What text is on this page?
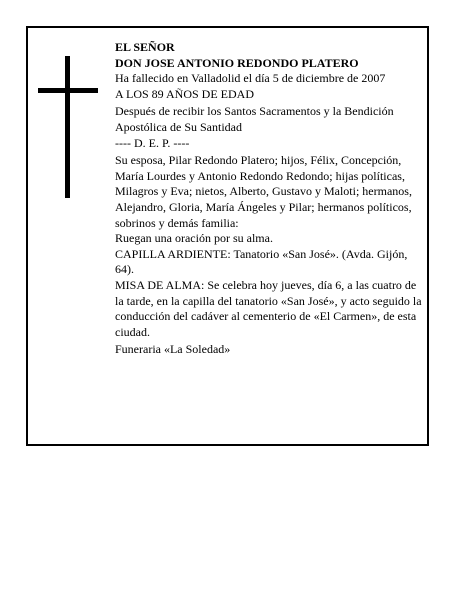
EL SEÑOR

DON JOSE ANTONIO REDONDO PLATERO

Ha fallecido en Valladolid el día 5 de diciembre de 2007

A LOS 89 AÑOS DE EDAD

Después de recibir los Santos Sacramentos y la Bendición Apostólica de Su Santidad

---- D. E. P. ----

Su esposa, Pilar Redondo Platero; hijos, Félix, Concepción, María Lourdes y Antonio Redondo Redondo; hijas políticas, Milagros y Eva; nietos, Alberto, Gustavo y Maloti; hermanos, Alejandro, Gloria, María Ángeles y Pilar; hermanos políticos, sobrinos y demás familia:

Ruegan una oración por su alma.

CAPILLA ARDIENTE: Tanatorio «San José». (Avda. Gijón, 64).

MISA DE ALMA: Se celebra hoy jueves, día 6, a las cuatro de la tarde, en la capilla del tanatorio «San José», y acto seguido la conducción del cadáver al cementerio de «El Carmen», de esta ciudad.

Funeraria «La Soledad»
